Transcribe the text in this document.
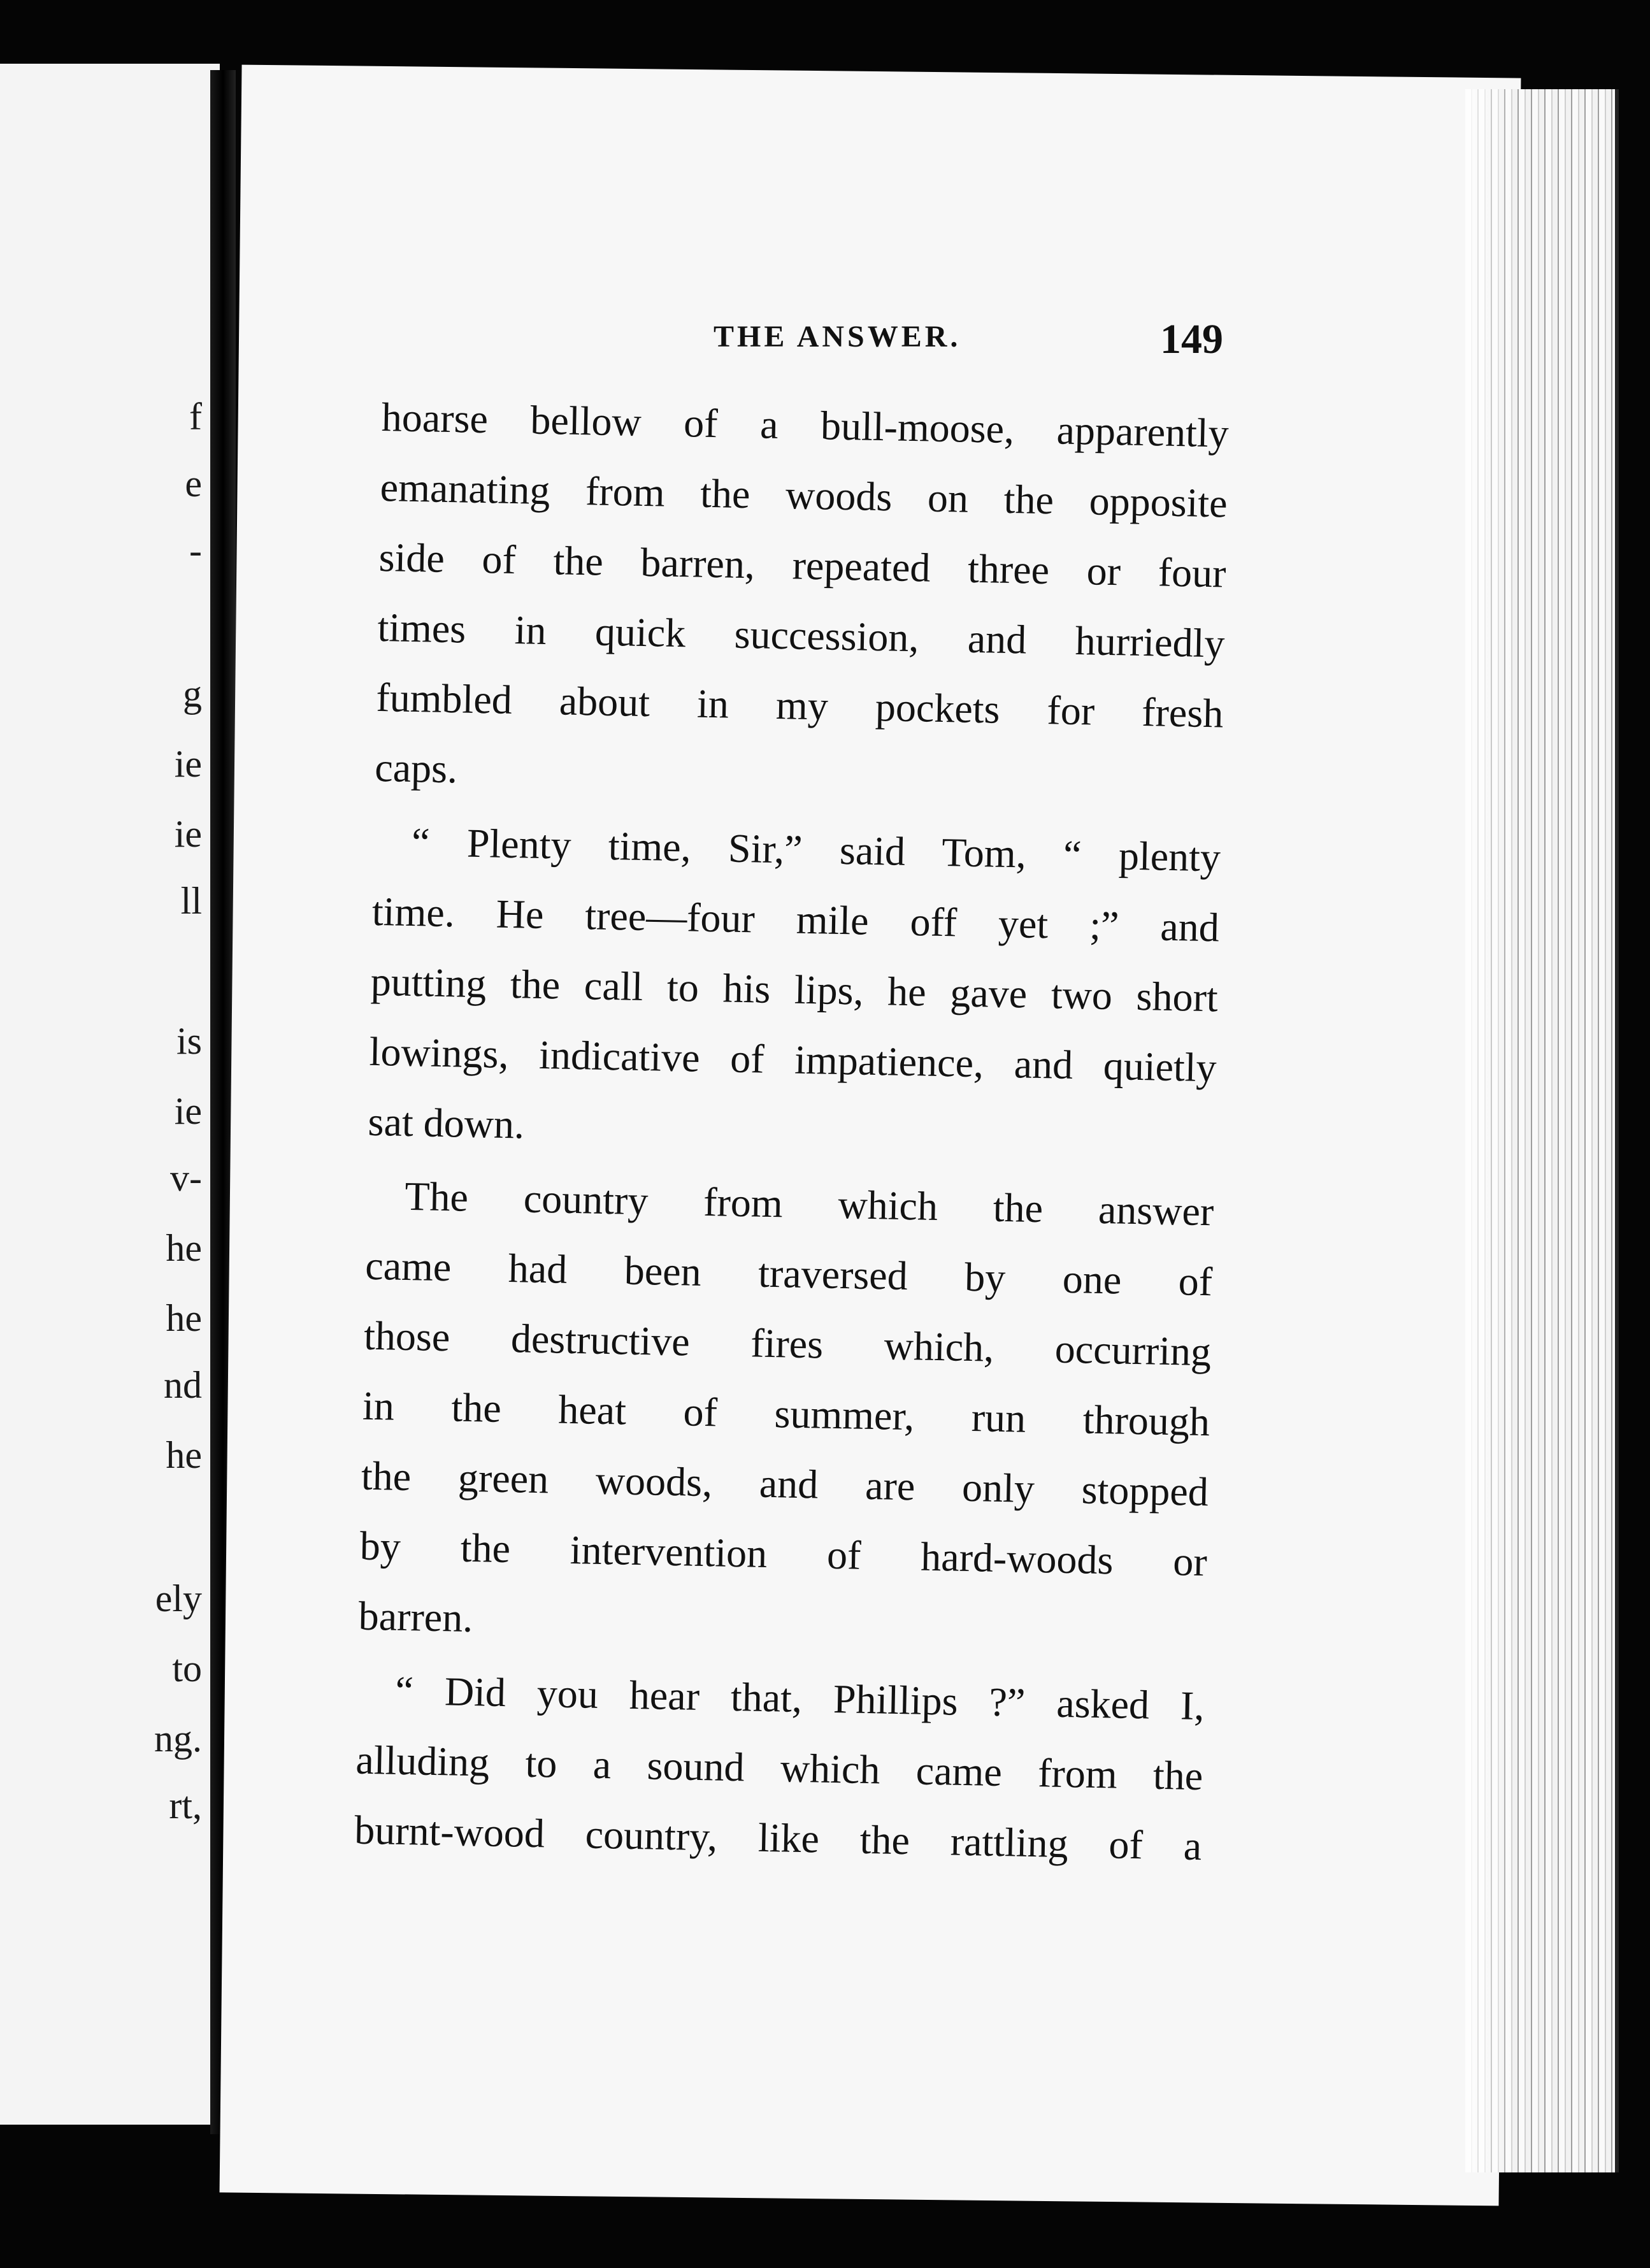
f
e
-
g
ie
ie
ll
is
ie
v-
he
he
nd
he
ely
to
ng.
rt,
THE ANSWER.	149
hoarse bellow of a bull-moose, apparently
emanating from the woods on the opposite
side of the barren, repeated three or four
times in quick succession, and hurriedly
fumbled about in my pockets for fresh
caps.
“ Plenty time, Sir,” said Tom, “ plenty
time. He tree—four mile off yet ;” and
putting the call to his lips, he gave two short
lowings, indicative of impatience, and quietly
sat down.
The country from which the answer
came had been traversed by one of
those destructive fires which, occurring
in the heat of summer, run through
the green woods, and are only stopped
by the intervention of hard-woods or
barren.
“ Did you hear that, Phillips ?” asked I,
alluding to a sound which came from the
burnt-wood country, like the rattling of a
